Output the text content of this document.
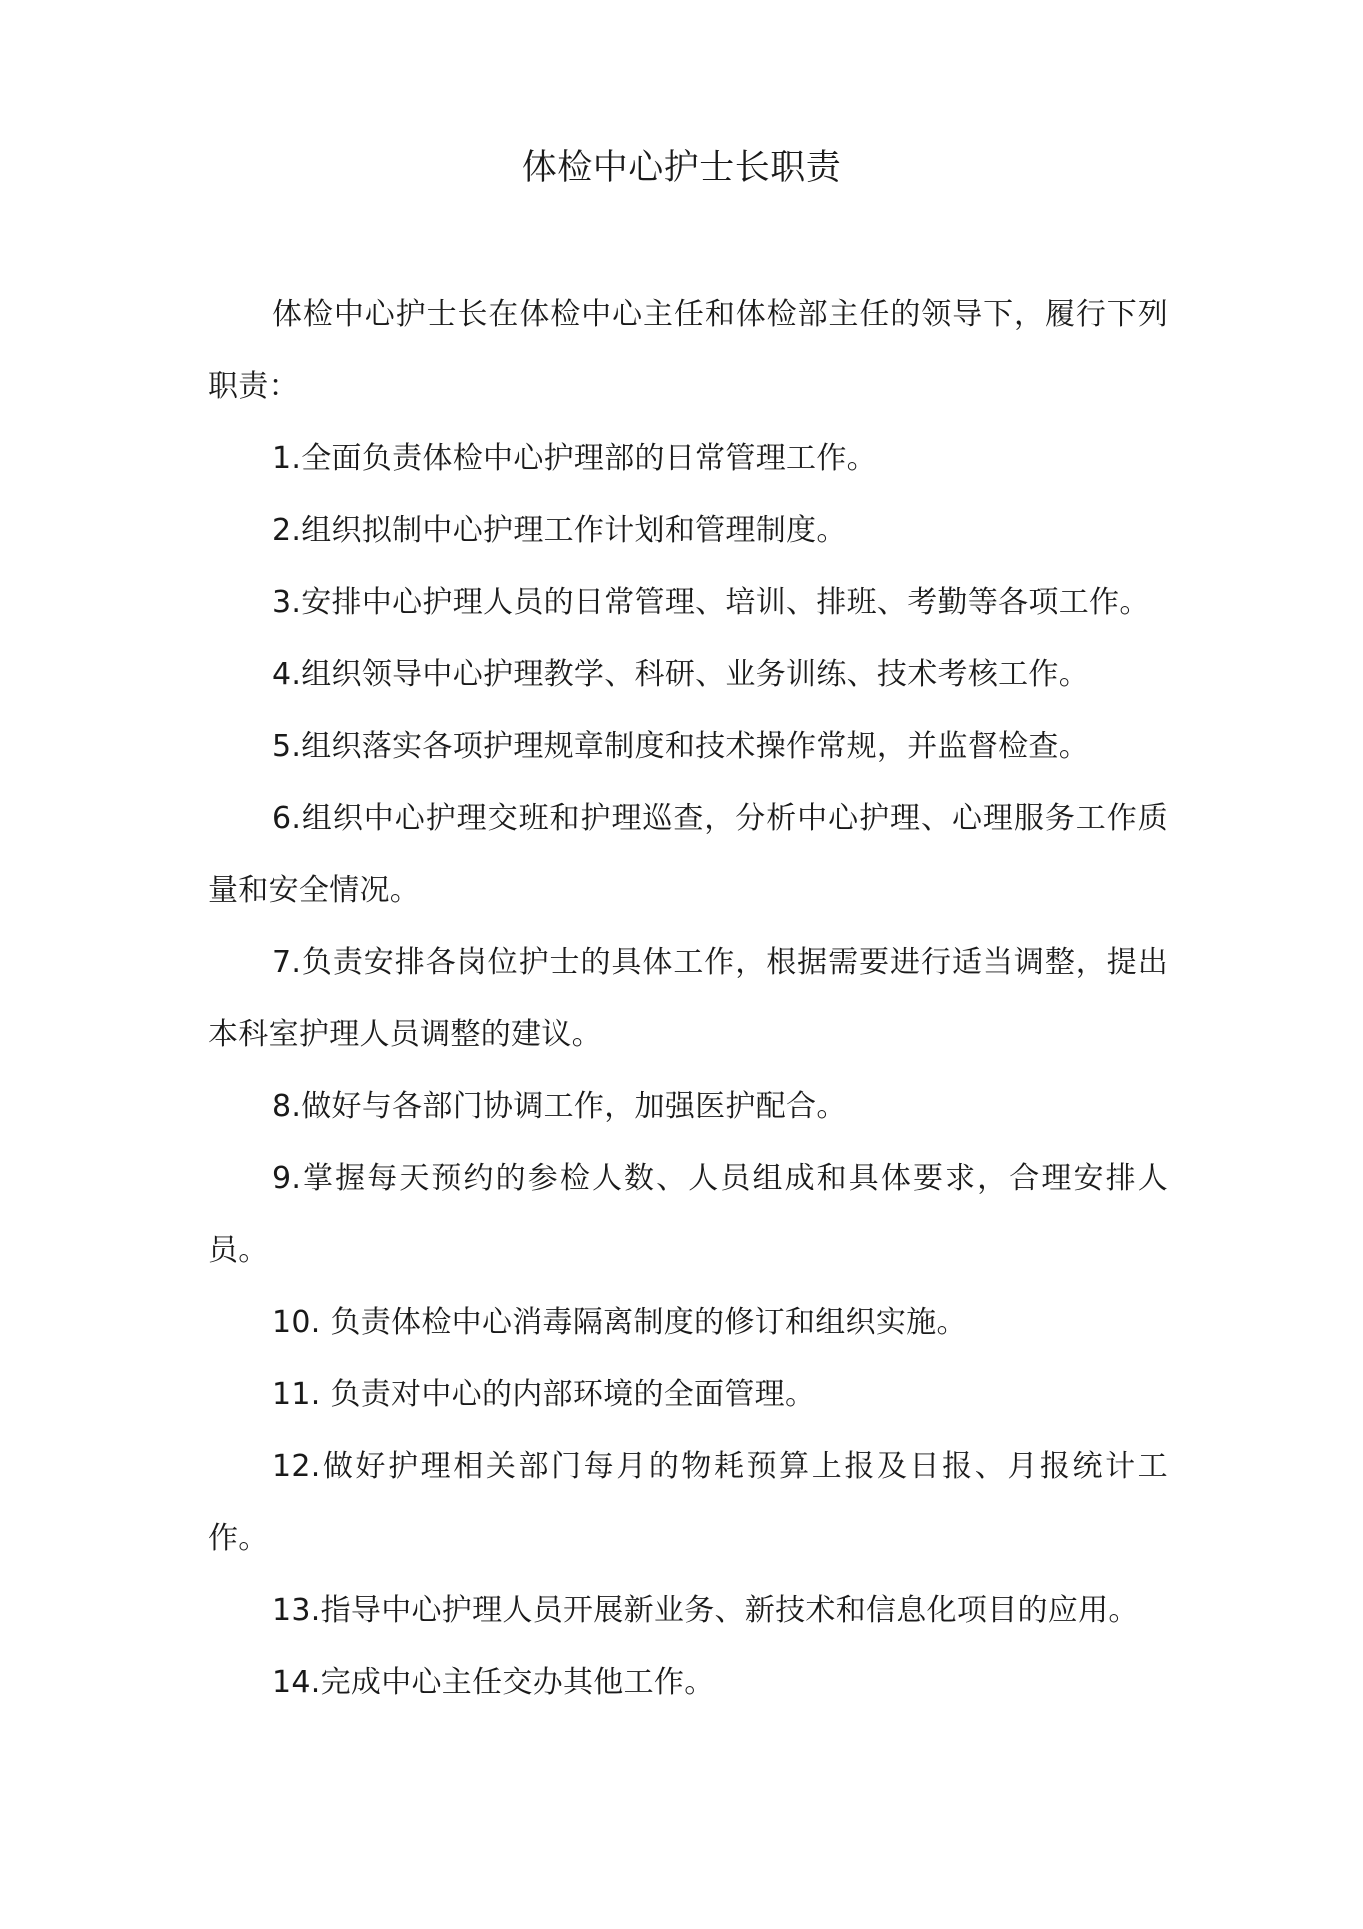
体检中心护士长职责

体检中心护士长在体检中心主任和体检部主任的领导下，履行下列职责：

1.全面负责体检中心护理部的日常管理工作。

2.组织拟制中心护理工作计划和管理制度。

3.安排中心护理人员的日常管理、培训、排班、考勤等各项工作。

4.组织领导中心护理教学、科研、业务训练、技术考核工作。

5.组织落实各项护理规章制度和技术操作常规，并监督检查。

6.组织中心护理交班和护理巡查，分析中心护理、心理服务工作质量和安全情况。

7.负责安排各岗位护士的具体工作，根据需要进行适当调整，提出本科室护理人员调整的建议。

8.做好与各部门协调工作，加强医护配合。

9.掌握每天预约的参检人数、人员组成和具体要求，合理安排人员。

10. 负责体检中心消毒隔离制度的修订和组织实施。

11. 负责对中心的内部环境的全面管理。

12.做好护理相关部门每月的物耗预算上报及日报、月报统计工作。

13.指导中心护理人员开展新业务、新技术和信息化项目的应用。

14.完成中心主任交办其他工作。
